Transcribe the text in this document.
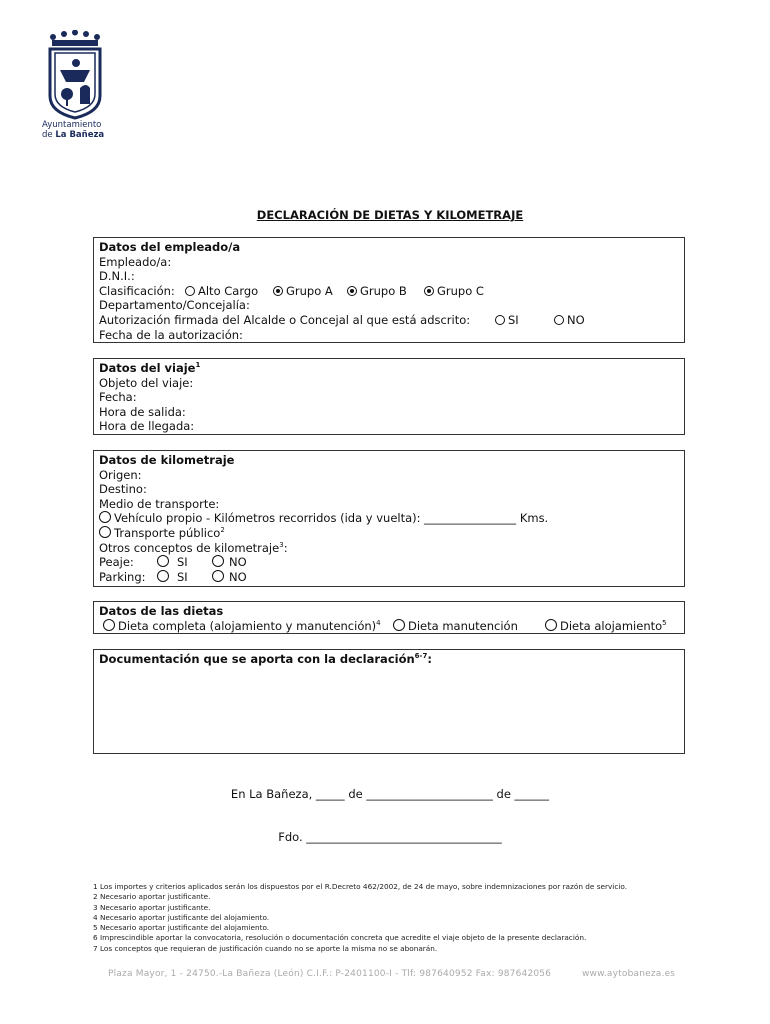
Ayuntamiento
de La Bañeza
DECLARACIÓN DE DIETAS Y KILOMETRAJE
Datos del empleado/a
Empleado/a:
D.N.I.:
Clasificación:	Alto Cargo	Grupo A	Grupo B	Grupo C
Departamento/Concejalía:
Autorización firmada del Alcalde o Concejal al que está adscrito:	SI	NO
Fecha de la autorización:
Datos del viaje$^1$
Objeto del viaje:
Fecha:
Hora de salida:
Hora de llegada:
Datos de kilometraje
Origen:
Destino:
Medio de transporte:
Vehículo propio - Kilómetros recorridos (ida y vuelta): ________________ Kms.
Transporte público$^2$
Otros conceptos de kilometraje$^3$:
Peaje:	SI	NO
Parking:	SI	NO
Datos de las dietas
Dieta completa (alojamiento y manutención)$^4$	Dieta manutención	Dieta alojamiento$^5$

Documentación que se aporta con la declaración$^{6-7}$:
En La Bañeza, _____ de ______________________ de ______
Fdo. __________________________________
1 Los importes y criterios aplicados serán los dispuestos por el R.Decreto 462/2002, de 24 de mayo, sobre indemnizaciones por razón de servicio.
2 Necesario aportar justificante.
3 Necesario aportar justificante.
4 Necesario aportar justificante del alojamiento.
5 Necesario aportar justificante del alojamiento.
6 Imprescindible aportar la convocatoria, resolución o documentación concreta que acredite el viaje objeto de la presente declaración.
7 Los conceptos que requieran de justificación cuando no se aporte la misma no se abonarán.
Plaza Mayor, 1 - 24750.-La Bañeza (León) C.I.F.: P-2401100-I - Tlf: 987640952 Fax: 987642056	www.aytobaneza.es
